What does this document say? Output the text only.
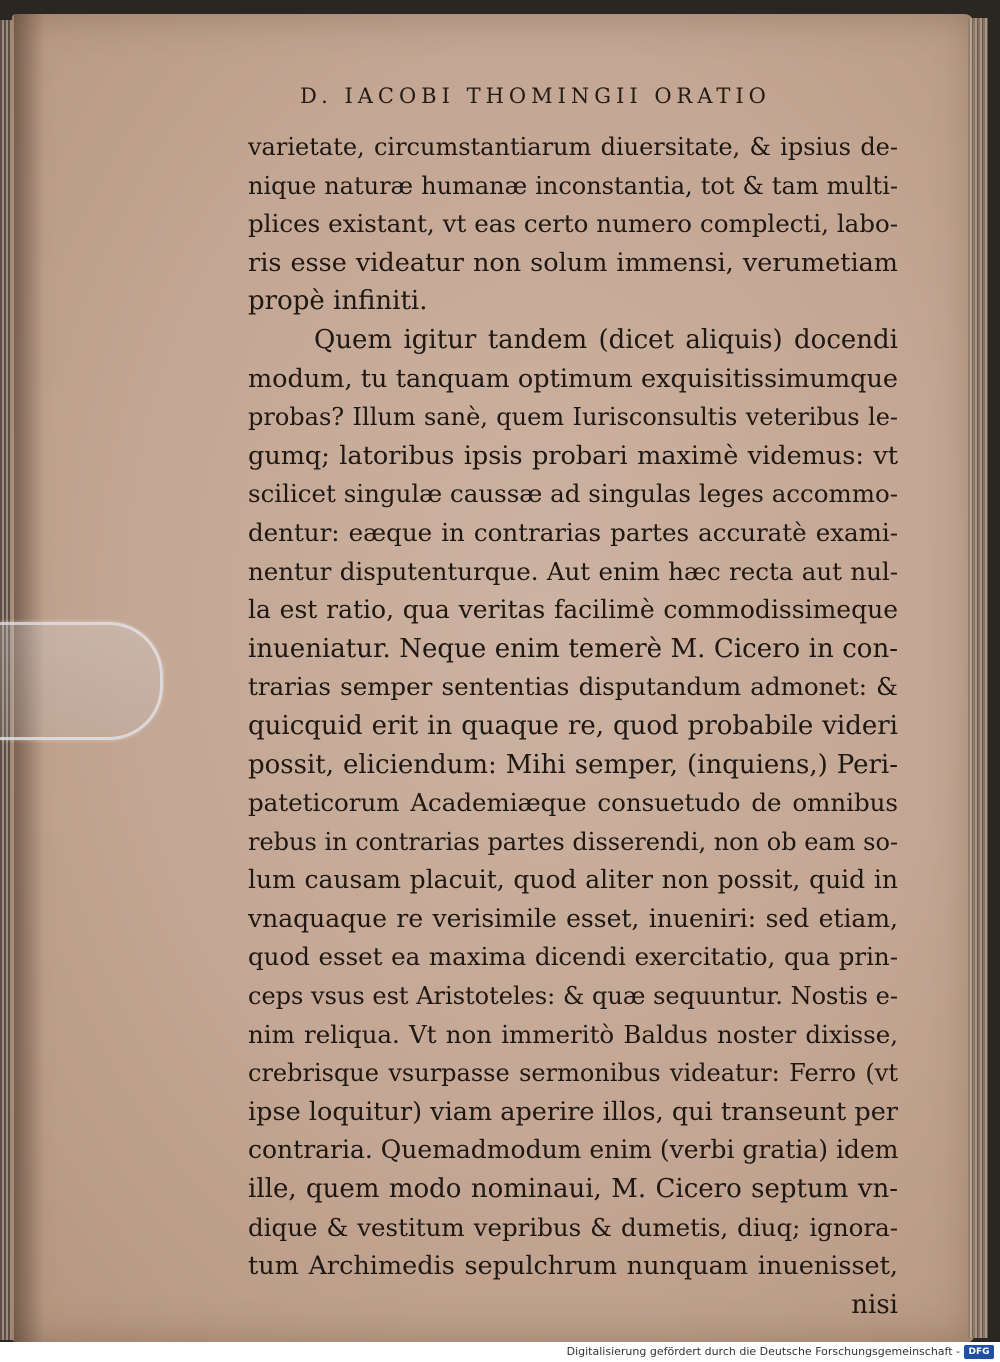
D. IACOBI THOMINGII ORATIO
varietate, circumstantiarum diuersitate, & ipsius de-
nique naturæ humanæ inconstantia, tot & tam multi-
plices existant, vt eas certo numero complecti, labo-
ris esse videatur non solum immensi, verumetiam
propè infiniti.
Quem igitur tandem (dicet aliquis) docendi
modum, tu tanquam optimum exquisitissimumque
probas? Illum sanè, quem Iurisconsultis veteribus le-
gumq; latoribus ipsis probari maximè videmus: vt
scilicet singulæ caussæ ad singulas leges accommo-
dentur: eæque in contrarias partes accuratè exami-
nentur disputenturque. Aut enim hæc recta aut nul-
la est ratio, qua veritas facilimè commodissimeque
inueniatur. Neque enim temerè M. Cicero in con-
trarias semper sententias disputandum admonet: &
quicquid erit in quaque re, quod probabile videri
possit, eliciendum: Mihi semper, (inquiens,) Peri-
pateticorum Academiæque consuetudo de omnibus
rebus in contrarias partes disserendi, non ob eam so-
lum causam placuit, quod aliter non possit, quid in
vnaquaque re verisimile esset, inueniri: sed etiam,
quod esset ea maxima dicendi exercitatio, qua prin-
ceps vsus est Aristoteles: & quæ sequuntur. Nostis e-
nim reliqua. Vt non immeritò Baldus noster dixisse,
crebrisque vsurpasse sermonibus videatur: Ferro (vt
ipse loquitur) viam aperire illos, qui transeunt per
contraria. Quemadmodum enim (verbi gratia) idem
ille, quem modo nominaui, M. Cicero septum vn-
dique & vestitum vepribus & dumetis, diuq; ignora-
tum Archimedis sepulchrum nunquam inuenisset,
nisi
Digitalisierung gefördert durch die Deutsche Forschungsgemeinschaft - DFG
